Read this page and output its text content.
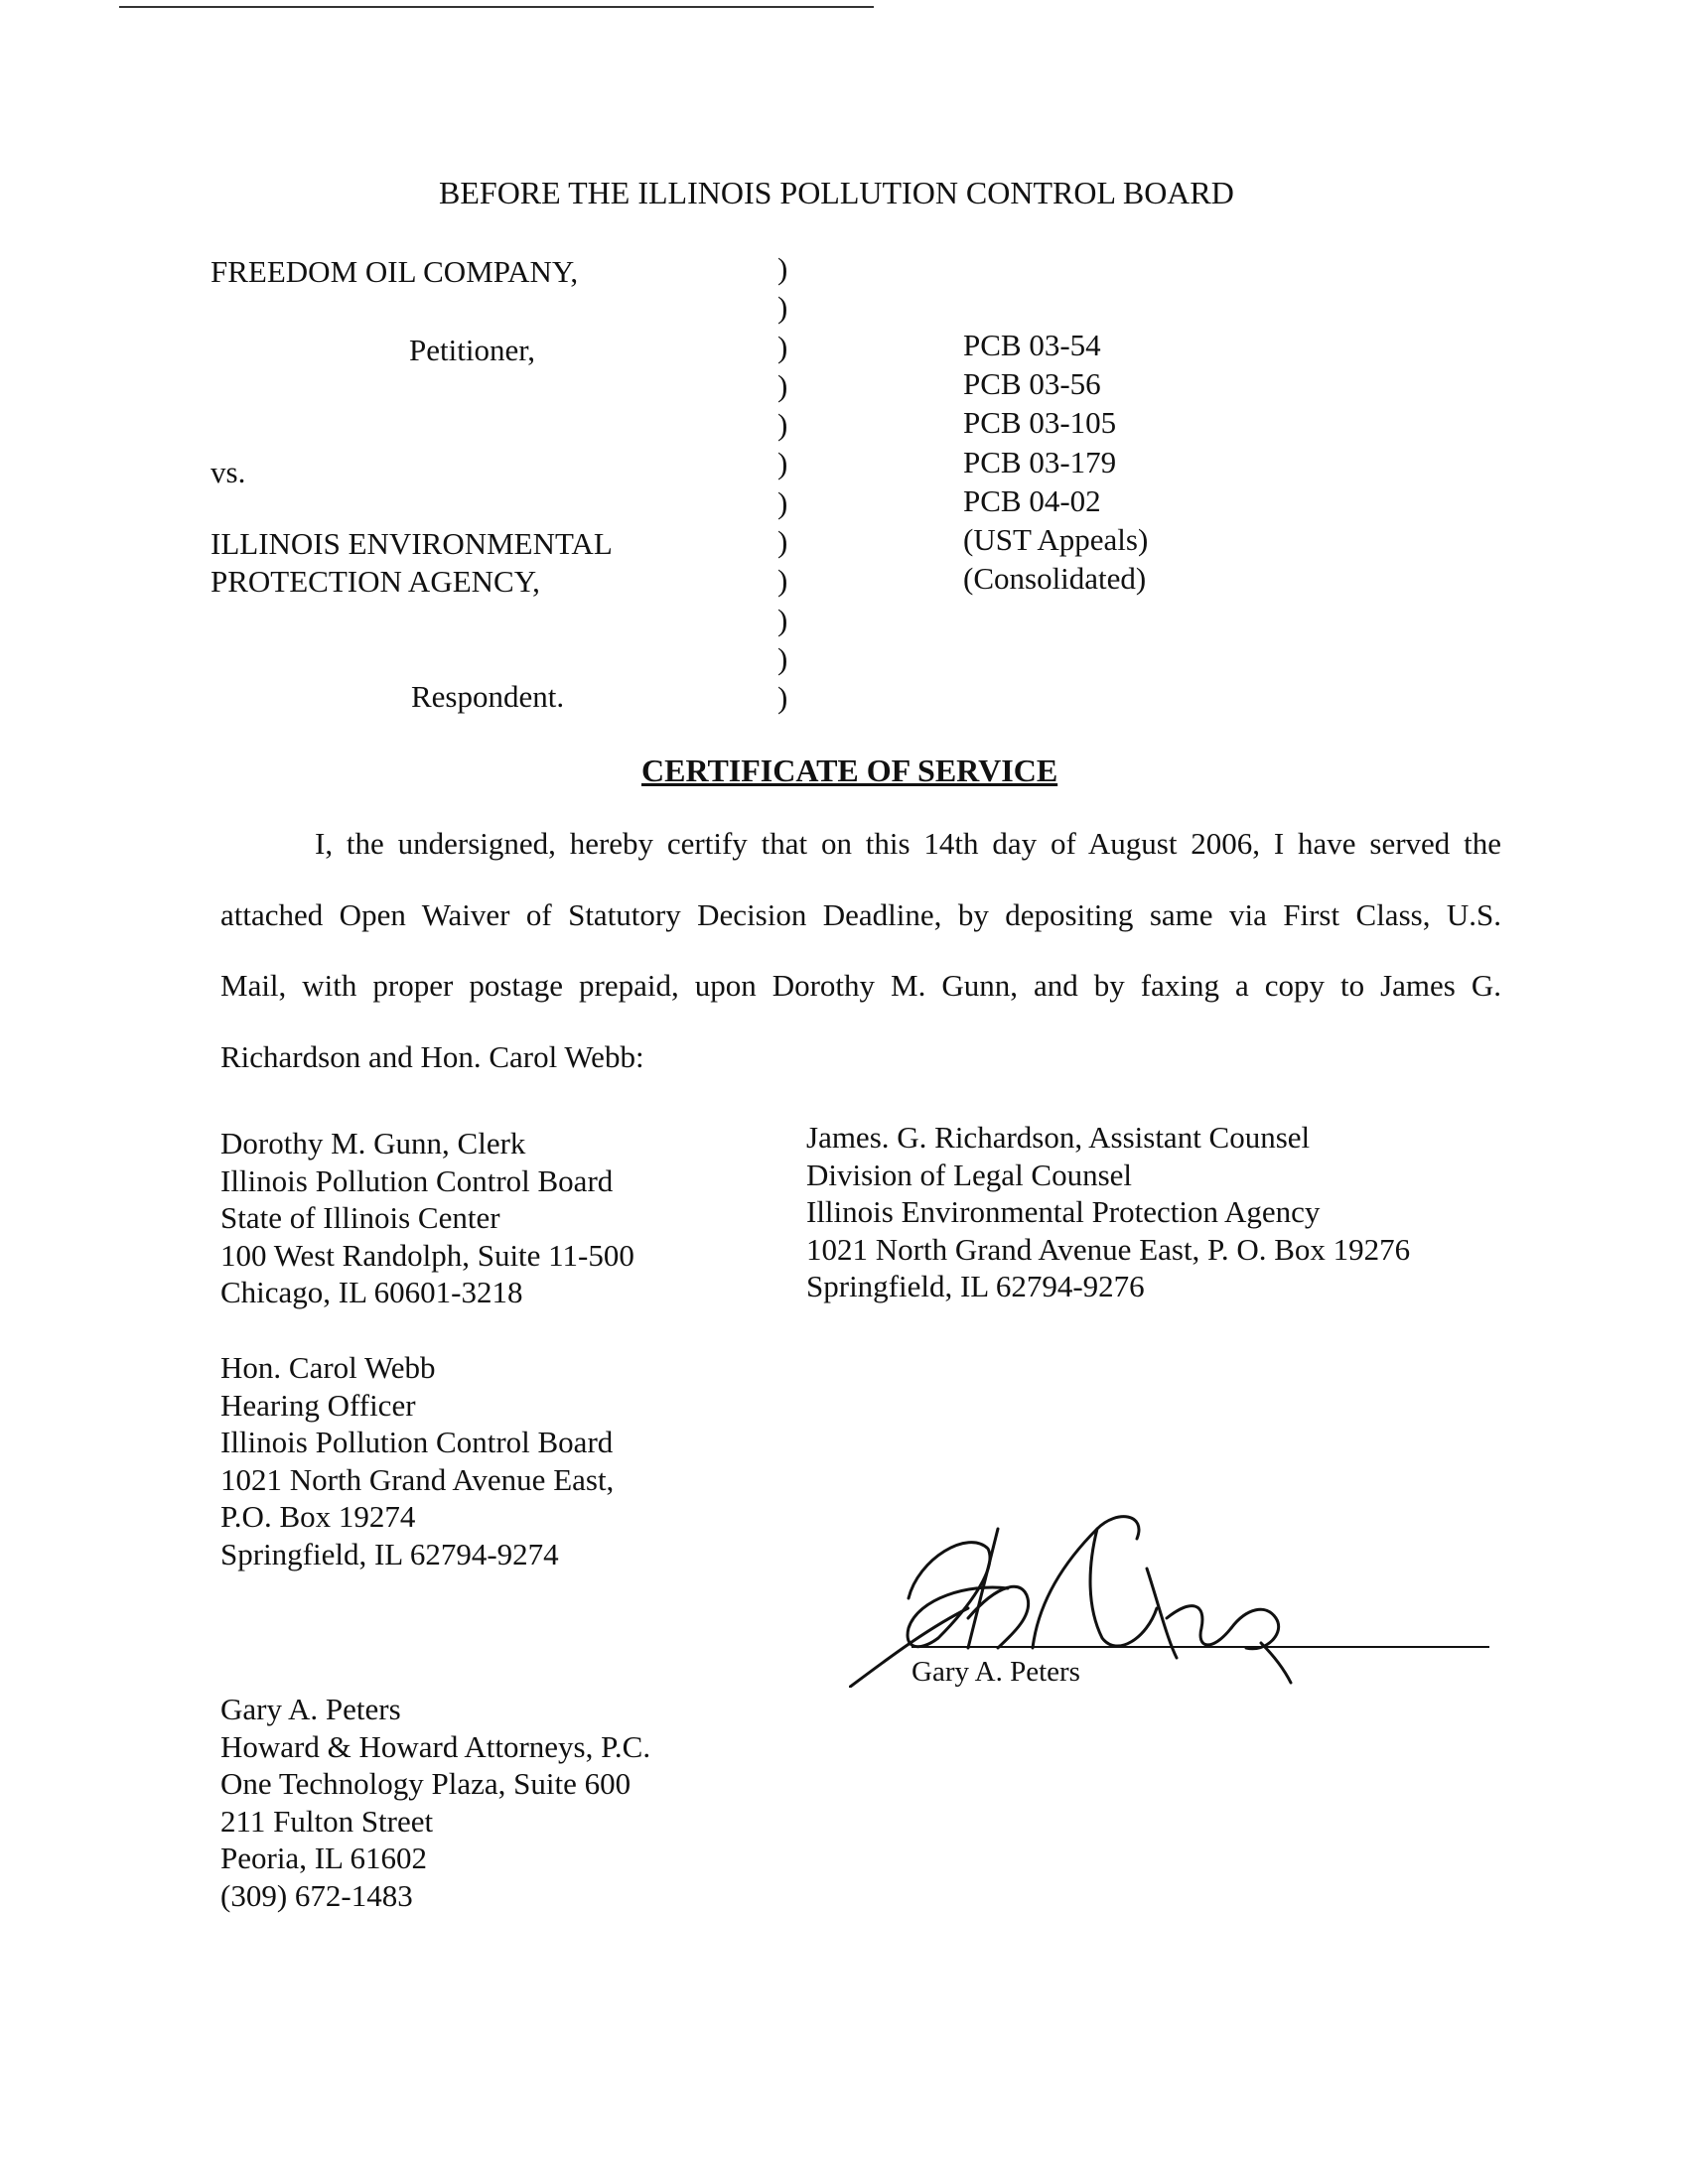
BEFORE THE ILLINOIS POLLUTION CONTROL BOARD

FREEDOM OIL COMPANY,

Petitioner,

vs.

ILLINOIS ENVIRONMENTAL

PROTECTION AGENCY,

Respondent.

)
)
)
)
)
)
)
)
)
)
)
)
PCB 03-54
PCB 03-56
PCB 03-105
PCB 03-179
PCB 04-02
(UST Appeals)
(Consolidated)

CERTIFICATE OF SERVICE

I, the undersigned, hereby certify that on this 14th day of August 2006, I have served the

attached Open Waiver of Statutory Decision Deadline, by depositing same via First Class, U.S.

Mail, with proper postage prepaid, upon Dorothy M. Gunn, and by faxing a copy to James G.

Richardson and Hon. Carol Webb:

Dorothy M. Gunn, Clerk
Illinois Pollution Control Board
State of Illinois Center
100 West Randolph, Suite 11-500
Chicago, IL 60601-3218
James. G. Richardson, Assistant Counsel
Division of Legal Counsel
Illinois Environmental Protection Agency
1021 North Grand Avenue East, P. O. Box 19276
Springfield, IL 62794-9276
Hon. Carol Webb
Hearing Officer
Illinois Pollution Control Board
1021 North Grand Avenue East,
P.O. Box 19274
Springfield, IL 62794-9274

Gary A. Peters

Gary A. Peters
Howard & Howard Attorneys, P.C.
One Technology Plaza, Suite 600
211 Fulton Street
Peoria, IL 61602
(309) 672-1483
